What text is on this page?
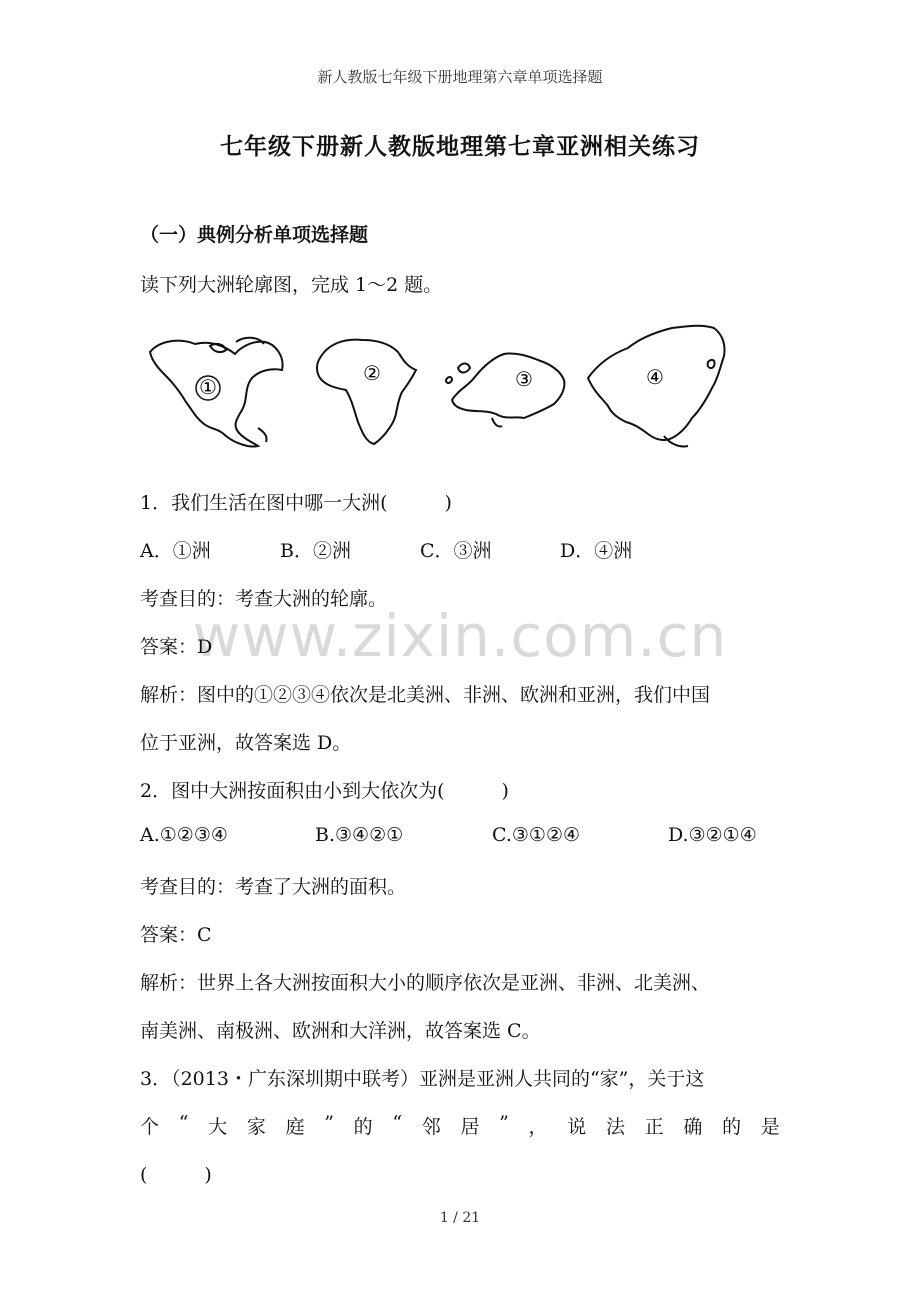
新人教版七年级下册地理第六章单项选择题
七年级下册新人教版地理第七章亚洲相关练习
（一）典例分析单项选择题
读下列大洲轮廓图，完成 1～2 题。
①
②	③	④
www.zixin.com.cn
1．我们生活在图中哪一大洲(　　　)
A．①洲	B．②洲	C．③洲	D．④洲
考查目的：考查大洲的轮廓。
答案：D
解析：图中的①②③④依次是北美洲、非洲、欧洲和亚洲，我们中国
位于亚洲，故答案选 D。
2．图中大洲按面积由小到大依次为(　　　)
A.①②③④	B.③④②①	C.③①②④	D.③②①④
考查目的：考查了大洲的面积。
答案：C
解析：世界上各大洲按面积大小的顺序依次是亚洲、非洲、北美洲、
南美洲、南极洲、欧洲和大洋洲，故答案选 C。
3．（2013・广东深圳期中联考）亚洲是亚洲人共同的“家”，关于这
个 “ 大 家 庭 ” 的 “ 邻 居 ” ， 说 法 正 确 的 是
(　　　)
1 / 21
